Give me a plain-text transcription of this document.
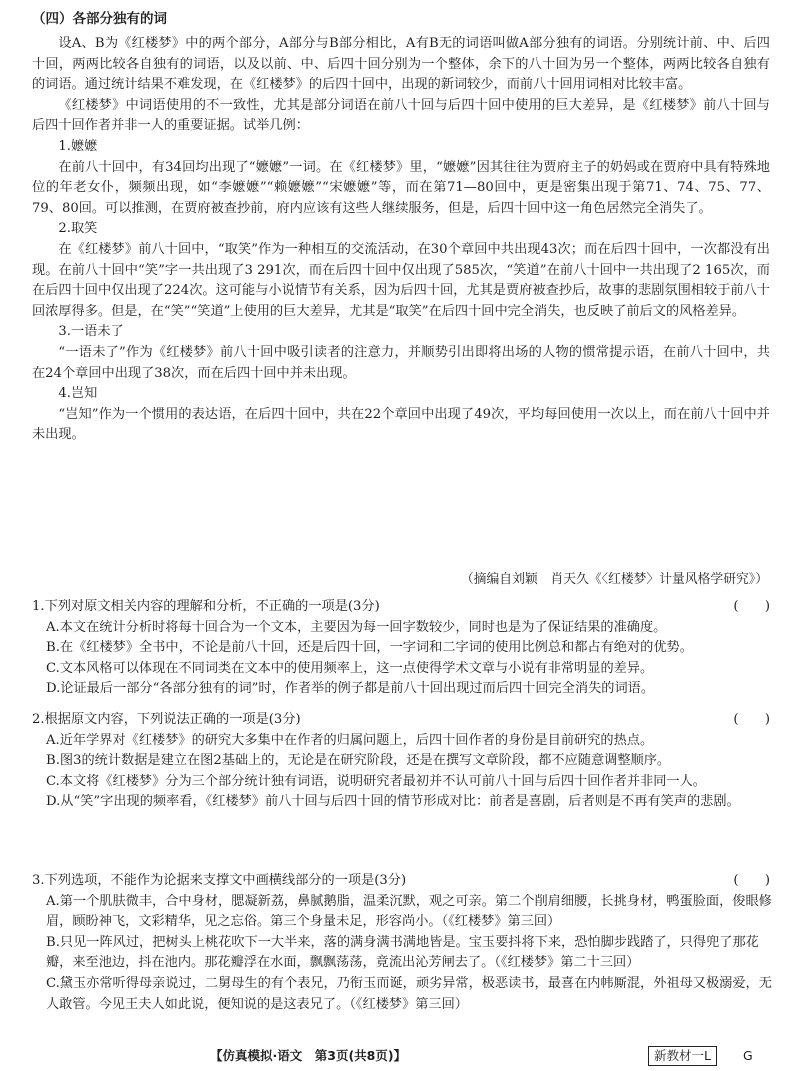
（四）各部分独有的词

设A、B为《红楼梦》中的两个部分，A部分与B部分相比，A有B无的词语叫做A部分独有的词语。分别统计前、中、后四十回，两两比较各自独有的词语，以及以前、中、后四十回分别为一个整体，余下的八十回为另一个整体，两两比较各自独有的词语。通过统计结果不难发现，在《红楼梦》的后四十回中，出现的新词较少，而前八十回用词相对比较丰富。

《红楼梦》中词语使用的不一致性，尤其是部分词语在前八十回与后四十回中使用的巨大差异，是《红楼梦》前八十回与后四十回作者并非一人的重要证据。试举几例：

1.嬷嬷

在前八十回中，有34回均出现了“嬷嬷”一词。在《红楼梦》里，“嬷嬷”因其往往为贾府主子的奶妈或在贾府中具有特殊地位的年老女仆，频频出现，如“李嬷嬷”“赖嬷嬷”“宋嬷嬷”等，而在第71—80回中，更是密集出现于第71、74、75、77、79、80回。可以推测，在贾府被查抄前，府内应该有这些人继续服务，但是，后四十回中这一角色居然完全消失了。

2.取笑

在《红楼梦》前八十回中，“取笑”作为一种相互的交流活动，在30个章回中共出现43次；而在后四十回中，一次都没有出现。在前八十回中“笑”字一共出现了3 291次，而在后四十回中仅出现了585次，“笑道”在前八十回中一共出现了2 165次，而在后四十回中仅出现了224次。这可能与小说情节有关系，因为后四十回，尤其是贾府被查抄后，故事的悲剧氛围相较于前八十回浓厚得多。但是，在“笑”“笑道”上使用的巨大差异，尤其是“取笑”在后四十回中完全消失，也反映了前后文的风格差异。

3.一语未了

“一语未了”作为《红楼梦》前八十回中吸引读者的注意力，并顺势引出即将出场的人物的惯常提示语，在前八十回中，共在24个章回中出现了38次，而在后四十回中并未出现。

4.岂知

“岂知”作为一个惯用的表达语，在后四十回中，共在22个章回中出现了49次，平均每回使用一次以上，而在前八十回中并未出现。

（摘编自刘颖　肖天久《〈红楼梦〉计量风格学研究》）
1.下列对原文相关内容的理解和分析，不正确的一项是(3分)	(　　)
A.本文在统计分析时将每十回合为一个文本，主要因为每一回字数较少，同时也是为了保证结果的准确度。
B.在《红楼梦》全书中，不论是前八十回，还是后四十回，一字词和二字词的使用比例总和都占有绝对的优势。
C.文本风格可以体现在不同词类在文本中的使用频率上，这一点使得学术文章与小说有非常明显的差异。
D.论证最后一部分“各部分独有的词”时，作者举的例子都是前八十回出现过而后四十回完全消失的词语。
2.根据原文内容，下列说法正确的一项是(3分)	(　　)
A.近年学界对《红楼梦》的研究大多集中在作者的归属问题上，后四十回作者的身份是目前研究的热点。
B.图3的统计数据是建立在图2基础上的，无论是在研究阶段，还是在撰写文章阶段，都不应随意调整顺序。
C.本文将《红楼梦》分为三个部分统计独有词语，说明研究者最初并不认可前八十回与后四十回作者并非同一人。
D.从“笑”字出现的频率看，《红楼梦》前八十回与后四十回的情节形成对比：前者是喜剧，后者则是不再有笑声的悲剧。
3.下列选项，不能作为论据来支撑文中画横线部分的一项是(3分)	(　　)
A.第一个肌肤微丰，合中身材，腮凝新荔，鼻腻鹅脂，温柔沉默，观之可亲。第二个削肩细腰，长挑身材，鸭蛋脸面，俊眼修眉，顾盼神飞，文彩精华，见之忘俗。第三个身量未足，形容尚小。（《红楼梦》第三回）
B.只见一阵风过，把树头上桃花吹下一大半来，落的满身满书满地皆是。宝玉要抖将下来，恐怕脚步践踏了，只得兜了那花瓣，来至池边，抖在池内。那花瓣浮在水面，飘飘荡荡，竟流出沁芳闸去了。（《红楼梦》第二十三回）
C.黛玉亦常听得母亲说过，二舅母生的有个表兄，乃衔玉而诞，顽劣异常，极恶读书，最喜在内帏厮混，外祖母又极溺爱，无人敢管。今见王夫人如此说，便知说的是这表兄了。（《红楼梦》第三回）
【仿真模拟·语文　第3页(共8页)】	新教材一L	G
